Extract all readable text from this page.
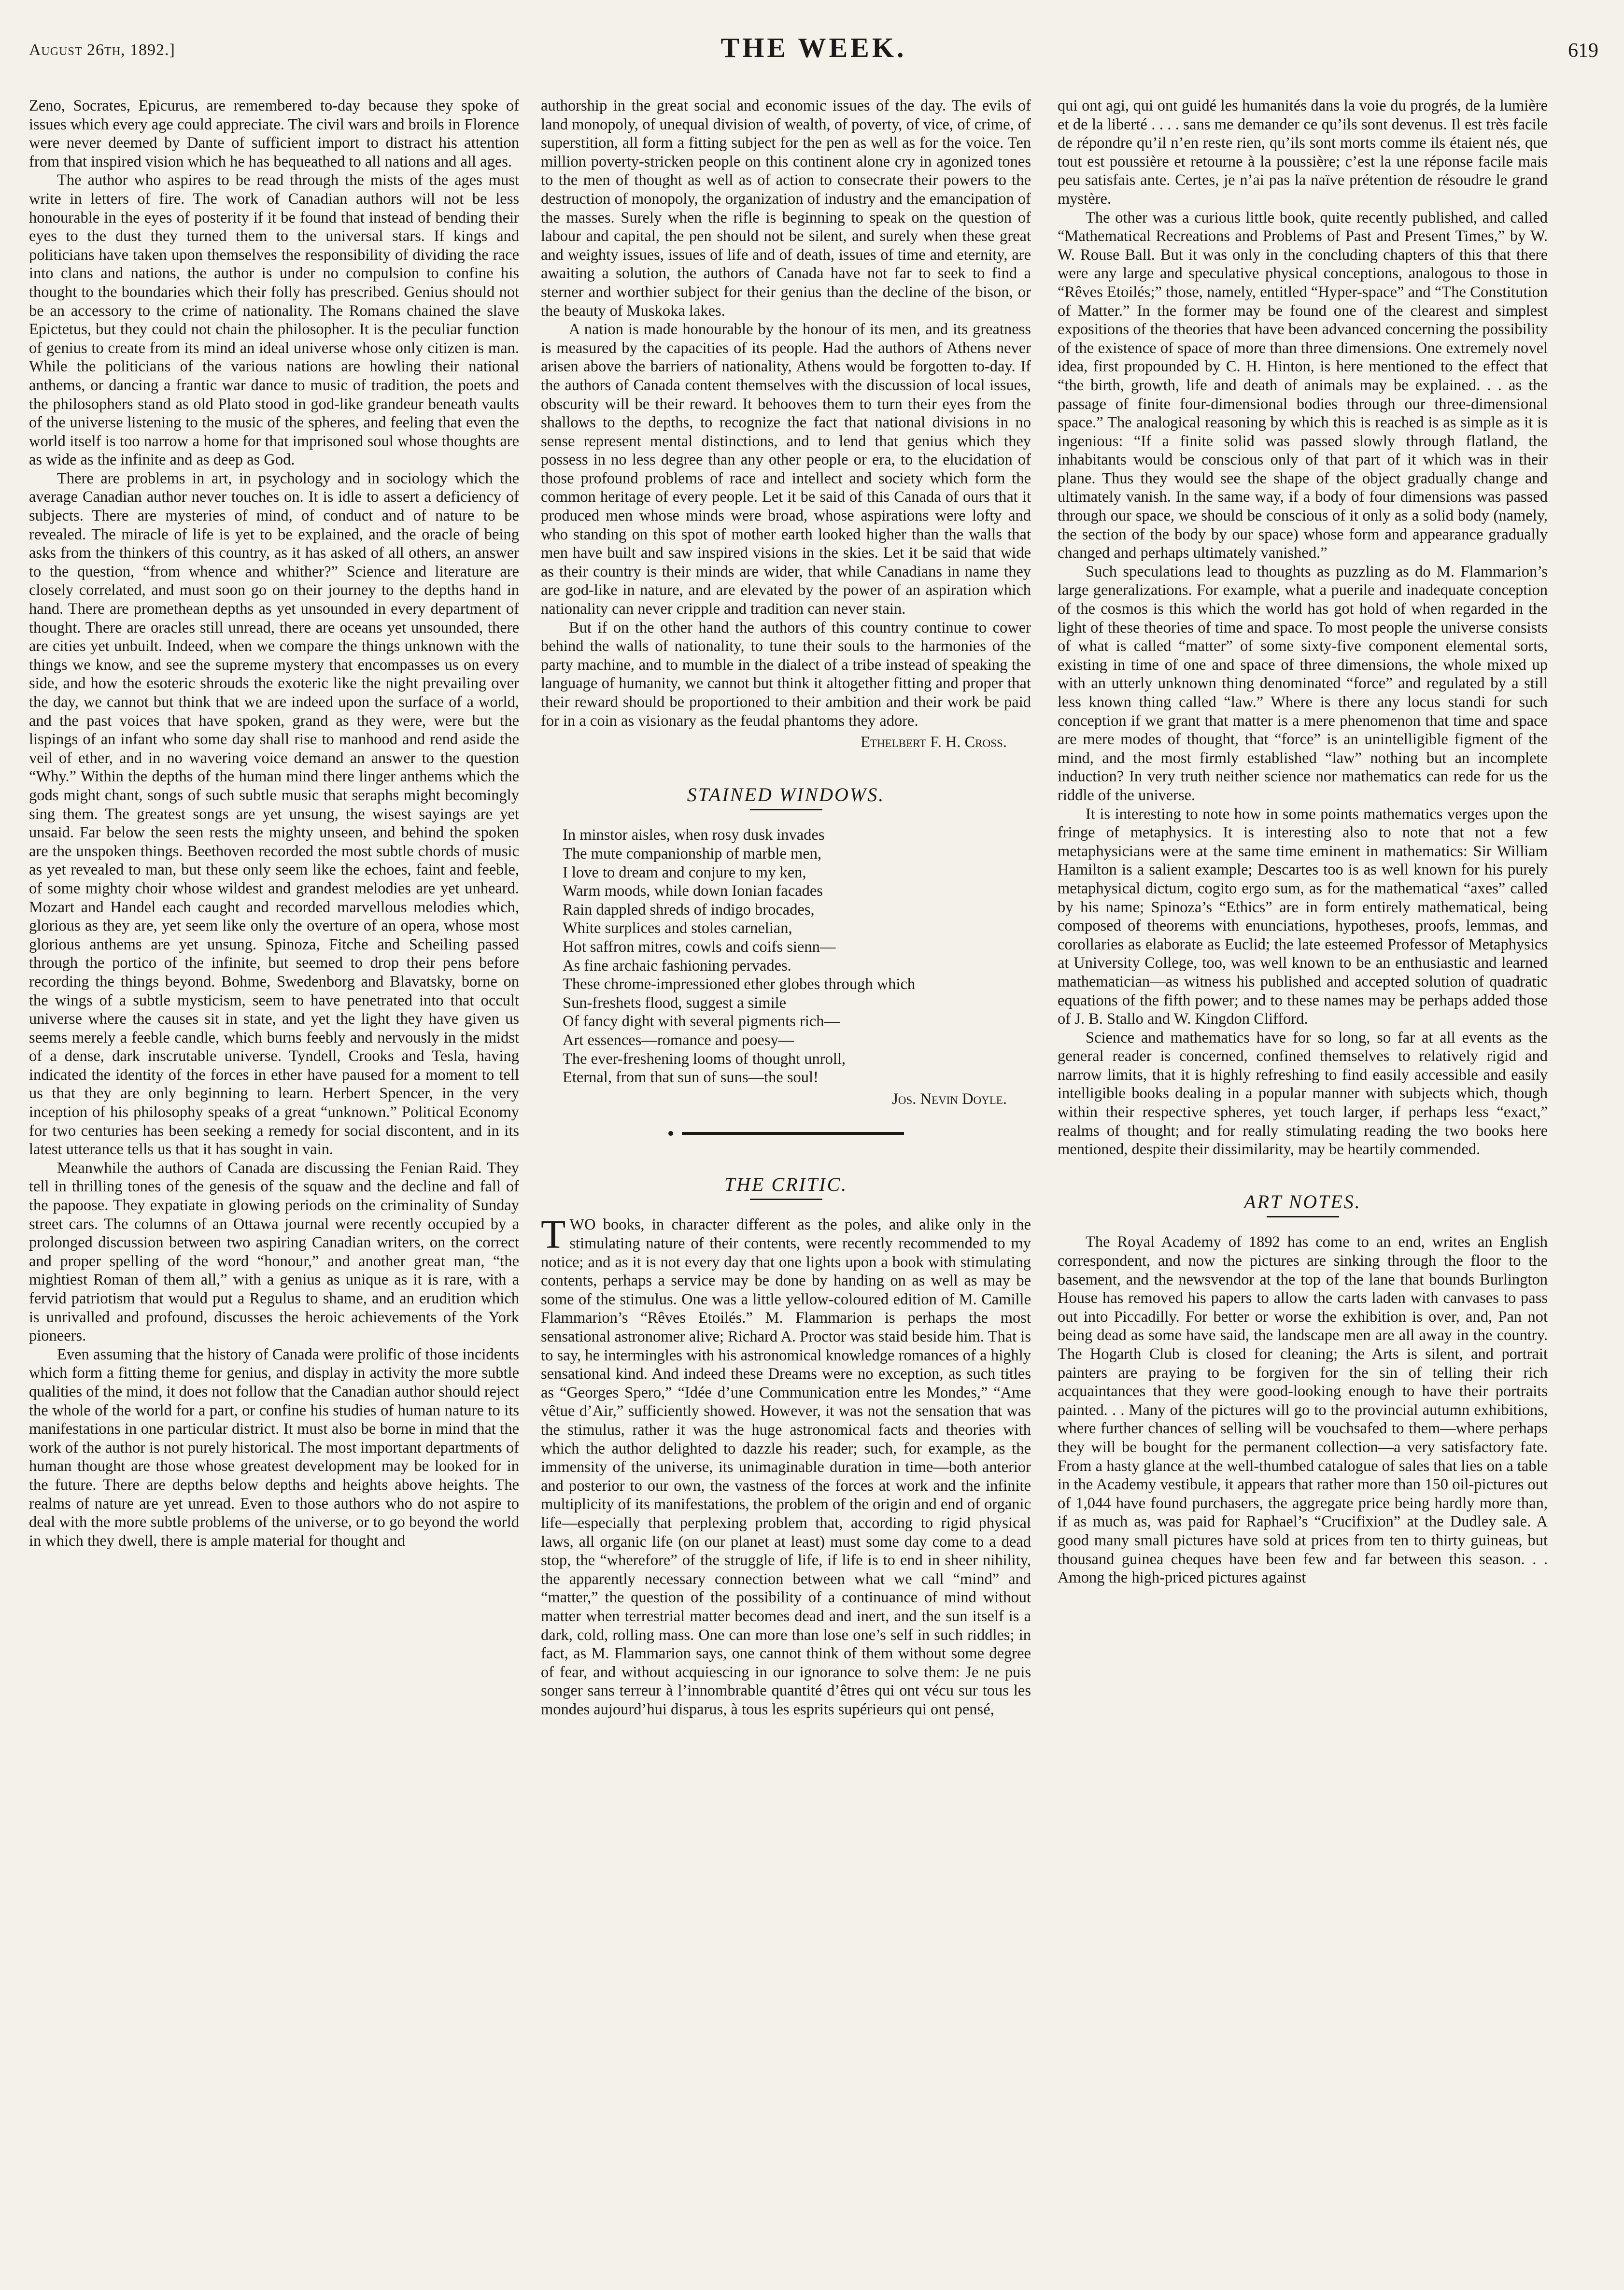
August 26th, 1892.]	THE WEEK.	619

Zeno, Socrates, Epicurus, are remembered to-day because they spoke of issues which every age could appreciate. The civil wars and broils in Florence were never deemed by Dante of sufficient import to distract his attention from that inspired vision which he has bequeathed to all nations and all ages.

The author who aspires to be read through the mists of the ages must write in letters of fire. The work of Canadian authors will not be less honourable in the eyes of posterity if it be found that instead of bending their eyes to the dust they turned them to the universal stars. If kings and politicians have taken upon themselves the responsibility of dividing the race into clans and nations, the author is under no compulsion to confine his thought to the boundaries which their folly has prescribed. Genius should not be an accessory to the crime of nationality. The Romans chained the slave Epictetus, but they could not chain the philosopher. It is the peculiar function of genius to create from its mind an ideal universe whose only citizen is man. While the politicians of the various nations are howling their national anthems, or dancing a frantic war dance to music of tradition, the poets and the philosophers stand as old Plato stood in god-like grandeur beneath vaults of the universe listening to the music of the spheres, and feeling that even the world itself is too narrow a home for that imprisoned soul whose thoughts are as wide as the infinite and as deep as God.

There are problems in art, in psychology and in sociology which the average Canadian author never touches on. It is idle to assert a deficiency of subjects. There are mysteries of mind, of conduct and of nature to be revealed. The miracle of life is yet to be explained, and the oracle of being asks from the thinkers of this country, as it has asked of all others, an answer to the question, “from whence and whither?” Science and literature are closely correlated, and must soon go on their journey to the depths hand in hand. There are promethean depths as yet unsounded in every department of thought. There are oracles still unread, there are oceans yet unsounded, there are cities yet unbuilt. Indeed, when we compare the things unknown with the things we know, and see the supreme mystery that encompasses us on every side, and how the esoteric shrouds the exoteric like the night prevailing over the day, we cannot but think that we are indeed upon the surface of a world, and the past voices that have spoken, grand as they were, were but the lispings of an infant who some day shall rise to manhood and rend aside the veil of ether, and in no wavering voice demand an answer to the question “Why.” Within the depths of the human mind there linger anthems which the gods might chant, songs of such subtle music that seraphs might becomingly sing them. The greatest songs are yet unsung, the wisest sayings are yet unsaid. Far below the seen rests the mighty unseen, and behind the spoken are the unspoken things. Beethoven recorded the most subtle chords of music as yet revealed to man, but these only seem like the echoes, faint and feeble, of some mighty choir whose wildest and grandest melodies are yet unheard. Mozart and Handel each caught and recorded marvellous melodies which, glorious as they are, yet seem like only the overture of an opera, whose most glorious anthems are yet unsung. Spinoza, Fitche and Scheiling passed through the portico of the infinite, but seemed to drop their pens before recording the things beyond. Bohme, Swedenborg and Blavatsky, borne on the wings of a subtle mysticism, seem to have penetrated into that occult universe where the causes sit in state, and yet the light they have given us seems merely a feeble candle, which burns feebly and nervously in the midst of a dense, dark inscrutable universe. Tyndell, Crooks and Tesla, having indicated the identity of the forces in ether have paused for a moment to tell us that they are only beginning to learn. Herbert Spencer, in the very inception of his philosophy speaks of a great “unknown.” Political Economy for two centuries has been seeking a remedy for social discontent, and in its latest utterance tells us that it has sought in vain.

Meanwhile the authors of Canada are discussing the Fenian Raid. They tell in thrilling tones of the genesis of the squaw and the decline and fall of the papoose. They expatiate in glowing periods on the criminality of Sunday street cars. The columns of an Ottawa journal were recently occupied by a prolonged discussion between two aspiring Canadian writers, on the correct and proper spelling of the word “honour,” and another great man, “the mightiest Roman of them all,” with a genius as unique as it is rare, with a fervid patriotism that would put a Regulus to shame, and an erudition which is unrivalled and profound, discusses the heroic achievements of the York pioneers.

Even assuming that the history of Canada were prolific of those incidents which form a fitting theme for genius, and display in activity the more subtle qualities of the mind, it does not follow that the Canadian author should reject the whole of the world for a part, or confine his studies of human nature to its manifestations in one particular district. It must also be borne in mind that the work of the author is not purely historical. The most important departments of human thought are those whose greatest development may be looked for in the future. There are depths below depths and heights above heights. The realms of nature are yet unread. Even to those authors who do not aspire to deal with the more subtle problems of the universe, or to go beyond the world in which they dwell, there is ample material for thought and

authorship in the great social and economic issues of the day. The evils of land monopoly, of unequal division of wealth, of poverty, of vice, of crime, of superstition, all form a fitting subject for the pen as well as for the voice. Ten million poverty-stricken people on this continent alone cry in agonized tones to the men of thought as well as of action to consecrate their powers to the destruction of monopoly, the organization of industry and the emancipation of the masses. Surely when the rifle is beginning to speak on the question of labour and capital, the pen should not be silent, and surely when these great and weighty issues, issues of life and of death, issues of time and eternity, are awaiting a solution, the authors of Canada have not far to seek to find a sterner and worthier subject for their genius than the decline of the bison, or the beauty of Muskoka lakes.

A nation is made honourable by the honour of its men, and its greatness is measured by the capacities of its people. Had the authors of Athens never arisen above the barriers of nationality, Athens would be forgotten to-day. If the authors of Canada content themselves with the discussion of local issues, obscurity will be their reward. It behooves them to turn their eyes from the shallows to the depths, to recognize the fact that national divisions in no sense represent mental distinctions, and to lend that genius which they possess in no less degree than any other people or era, to the elucidation of those profound problems of race and intellect and society which form the common heritage of every people. Let it be said of this Canada of ours that it produced men whose minds were broad, whose aspirations were lofty and who standing on this spot of mother earth looked higher than the walls that men have built and saw inspired visions in the skies. Let it be said that wide as their country is their minds are wider, that while Canadians in name they are god-like in nature, and are elevated by the power of an aspiration which nationality can never cripple and tradition can never stain.

But if on the other hand the authors of this country continue to cower behind the walls of nationality, to tune their souls to the harmonies of the party machine, and to mumble in the dialect of a tribe instead of speaking the language of humanity, we cannot but think it altogether fitting and proper that their reward should be proportioned to their ambition and their work be paid for in a coin as visionary as the feudal phantoms they adore.

Ethelbert F. H. Cross.
STAINED WINDOWS.
In minstor aisles, when rosy dusk invades
The mute companionship of marble men,
I love to dream and conjure to my ken,
Warm moods, while down Ionian facades
Rain dappled shreds of indigo brocades,
White surplices and stoles carnelian,
Hot saffron mitres, cowls and coifs sienn—
As fine archaic fashioning pervades.
These chrome-impressioned ether globes through which
Sun-freshets flood, suggest a simile
Of fancy dight with several pigments rich—
Art essences—romance and poesy—
The ever-freshening looms of thought unroll,
Eternal, from that sun of suns—the soul!
Jos. Nevin Doyle.
THE CRITIC.

TWO books, in character different as the poles, and alike only in the stimulating nature of their contents, were recently recommended to my notice; and as it is not every day that one lights upon a book with stimulating contents, perhaps a service may be done by handing on as well as may be some of the stimulus. One was a little yellow-coloured edition of M. Camille Flammarion’s “Rêves Etoilés.” M. Flammarion is perhaps the most sensational astronomer alive; Richard A. Proctor was staid beside him. That is to say, he intermingles with his astronomical knowledge romances of a highly sensational kind. And indeed these Dreams were no exception, as such titles as “Georges Spero,” “Idée d’une Communication entre les Mondes,” “Ame vêtue d’Air,” sufficiently showed. However, it was not the sensation that was the stimulus, rather it was the huge astronomical facts and theories with which the author delighted to dazzle his reader; such, for example, as the immensity of the universe, its unimaginable duration in time—both anterior and posterior to our own, the vastness of the forces at work and the infinite multiplicity of its manifestations, the problem of the origin and end of organic life—especially that perplexing problem that, according to rigid physical laws, all organic life (on our planet at least) must some day come to a dead stop, the “wherefore” of the struggle of life, if life is to end in sheer nihility, the apparently necessary connection between what we call “mind” and “matter,” the question of the possibility of a continuance of mind without matter when terrestrial matter becomes dead and inert, and the sun itself is a dark, cold, rolling mass. One can more than lose one’s self in such riddles; in fact, as M. Flammarion says, one cannot think of them without some degree of fear, and without acquiescing in our ignorance to solve them: Je ne puis songer sans terreur à l’innombrable quantité d’êtres qui ont vécu sur tous les mondes aujourd’hui disparus, à tous les esprits supérieurs qui ont pensé,

qui ont agi, qui ont guidé les humanités dans la voie du progrés, de la lumière et de la liberté . . . . sans me demander ce qu’ils sont devenus. Il est très facile de répondre qu’il n’en reste rien, qu’ils sont morts comme ils étaient nés, que tout est poussière et retourne à la poussière; c’est la une réponse facile mais peu satisfais ante. Certes, je n’ai pas la naïve prétention de résoudre le grand mystère.

The other was a curious little book, quite recently published, and called “Mathematical Recreations and Problems of Past and Present Times,” by W. W. Rouse Ball. But it was only in the concluding chapters of this that there were any large and speculative physical conceptions, analogous to those in “Rêves Etoilés;” those, namely, entitled “Hyper-space” and “The Constitution of Matter.” In the former may be found one of the clearest and simplest expositions of the theories that have been advanced concerning the possibility of the existence of space of more than three dimensions. One extremely novel idea, first propounded by C. H. Hinton, is here mentioned to the effect that “the birth, growth, life and death of animals may be explained. . . as the passage of finite four-dimensional bodies through our three-dimensional space.” The analogical reasoning by which this is reached is as simple as it is ingenious: “If a finite solid was passed slowly through flatland, the inhabitants would be conscious only of that part of it which was in their plane. Thus they would see the shape of the object gradually change and ultimately vanish. In the same way, if a body of four dimensions was passed through our space, we should be conscious of it only as a solid body (namely, the section of the body by our space) whose form and appearance gradually changed and perhaps ultimately vanished.”

Such speculations lead to thoughts as puzzling as do M. Flammarion’s large generalizations. For example, what a puerile and inadequate conception of the cosmos is this which the world has got hold of when regarded in the light of these theories of time and space. To most people the universe consists of what is called “matter” of some sixty-five component elemental sorts, existing in time of one and space of three dimensions, the whole mixed up with an utterly unknown thing denominated “force” and regulated by a still less known thing called “law.” Where is there any locus standi for such conception if we grant that matter is a mere phenomenon that time and space are mere modes of thought, that “force” is an unintelligible figment of the mind, and the most firmly established “law” nothing but an incomplete induction? In very truth neither science nor mathematics can rede for us the riddle of the universe.

It is interesting to note how in some points mathematics verges upon the fringe of metaphysics. It is interesting also to note that not a few metaphysicians were at the same time eminent in mathematics: Sir William Hamilton is a salient example; Descartes too is as well known for his purely metaphysical dictum, cogito ergo sum, as for the mathematical “axes” called by his name; Spinoza’s “Ethics” are in form entirely mathematical, being composed of theorems with enunciations, hypotheses, proofs, lemmas, and corollaries as elaborate as Euclid; the late esteemed Professor of Metaphysics at University College, too, was well known to be an enthusiastic and learned mathematician—as witness his published and accepted solution of quadratic equations of the fifth power; and to these names may be perhaps added those of J. B. Stallo and W. Kingdon Clifford.

Science and mathematics have for so long, so far at all events as the general reader is concerned, confined themselves to relatively rigid and narrow limits, that it is highly refreshing to find easily accessible and easily intelligible books dealing in a popular manner with subjects which, though within their respective spheres, yet touch larger, if perhaps less “exact,” realms of thought; and for really stimulating reading the two books here mentioned, despite their dissimilarity, may be heartily commended.

ART NOTES.

The Royal Academy of 1892 has come to an end, writes an English correspondent, and now the pictures are sinking through the floor to the basement, and the newsvendor at the top of the lane that bounds Burlington House has removed his papers to allow the carts laden with canvases to pass out into Piccadilly. For better or worse the exhibition is over, and, Pan not being dead as some have said, the landscape men are all away in the country. The Hogarth Club is closed for cleaning; the Arts is silent, and portrait painters are praying to be forgiven for the sin of telling their rich acquaintances that they were good-looking enough to have their portraits painted. . . Many of the pictures will go to the provincial autumn exhibitions, where further chances of selling will be vouchsafed to them—where perhaps they will be bought for the permanent collection—a very satisfactory fate. From a hasty glance at the well-thumbed catalogue of sales that lies on a table in the Academy vestibule, it appears that rather more than 150 oil-pictures out of 1,044 have found purchasers, the aggregate price being hardly more than, if as much as, was paid for Raphael’s “Crucifixion” at the Dudley sale. A good many small pictures have sold at prices from ten to thirty guineas, but thousand guinea cheques have been few and far between this season. . . Among the high-priced pictures against
